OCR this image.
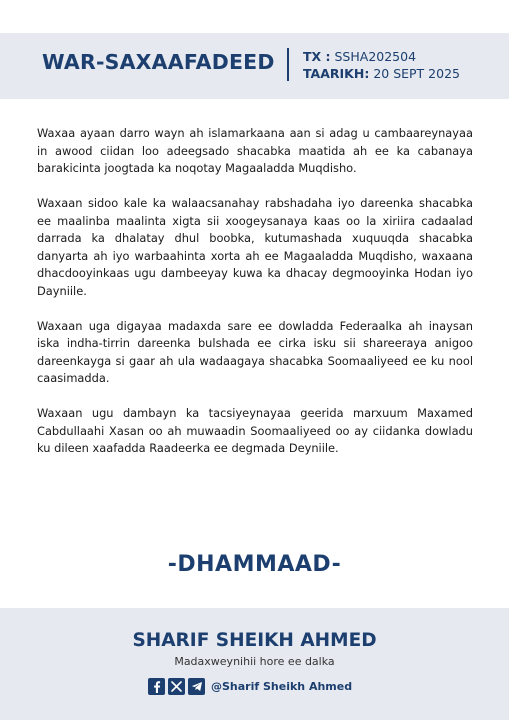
WAR-SAXAAFADEED TX : SSHA202504
TAARIKH: 20 SEPT 2025

Waxaa ayaan darro wayn ah islamarkaana aan si adag u cambaareynayaa in awood ciidan loo adeegsado shacabka maatida ah ee ka cabanaya barakicinta joogtada ka noqotay Magaaladda Muqdisho.

Waxaan sidoo kale ka walaacsanahay rabshadaha iyo dareenka shacabka ee maalinba maalinta xigta sii xoogeysanaya kaas oo la xiriira cadaalad darrada ka dhalatay dhul boobka, kutumashada xuquuqda shacabka danyarta ah iyo warbaahinta xorta ah ee Magaaladda Muqdisho, waxaana dhacdooyinkaas ugu dambeeyay kuwa ka dhacay degmooyinka Hodan iyo Dayniile.

Waxaan uga digayaa madaxda sare ee dowladda Federaalka ah inaysan iska indha-tirrin dareenka bulshada ee cirka isku sii shareeraya anigoo dareenkayga si gaar ah ula wadaagaya shacabka Soomaaliyeed ee ku nool caasimadda.

Waxaan ugu dambayn ka tacsiyeynayaa geerida marxuum Maxamed Cabdullaahi Xasan oo ah muwaadin Soomaaliyeed oo ay ciidanka dowladu ku dileen xaafadda Raadeerka ee degmada Deyniile.

-DHAMMAAD-
SHARIF SHEIKH AHMED
Madaxweynihii hore ee dalka
@Sharif Sheikh Ahmed
